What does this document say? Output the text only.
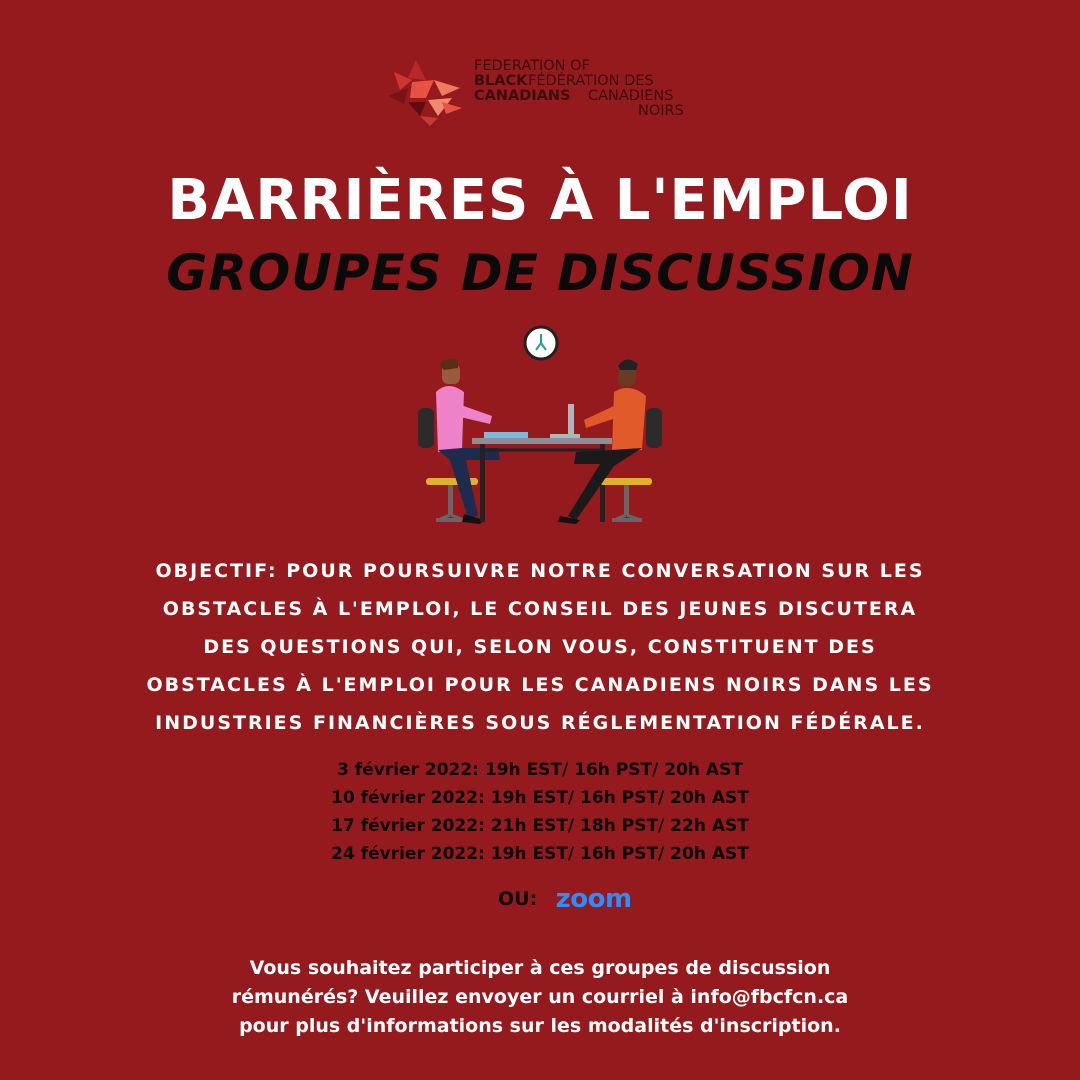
FEDERATION OF
BLACK
CANADIANS
FÉDÉRATION DES
CANADIENS
NOIRS
BARRIÈRES À L'EMPLOI
GROUPES DE DISCUSSION
OBJECTIF: POUR POURSUIVRE NOTRE CONVERSATION SUR LES
OBSTACLES À L'EMPLOI, LE CONSEIL DES JEUNES DISCUTERA
DES QUESTIONS QUI, SELON VOUS, CONSTITUENT DES
OBSTACLES À L'EMPLOI POUR LES CANADIENS NOIRS DANS LES
INDUSTRIES FINANCIÈRES SOUS RÉGLEMENTATION FÉDÉRALE.
3 février 2022: 19h EST/ 16h PST/ 20h AST
10 février 2022: 19h EST/ 16h PST/ 20h AST
17 février 2022: 21h EST/ 18h PST/ 22h AST
24 février 2022: 19h EST/ 16h PST/ 20h AST
OU: zoom
Vous souhaitez participer à ces groupes de discussion
rémunérés? Veuillez envoyer un courriel à info@fbcfcn.ca
pour plus d'informations sur les modalités d'inscription.
